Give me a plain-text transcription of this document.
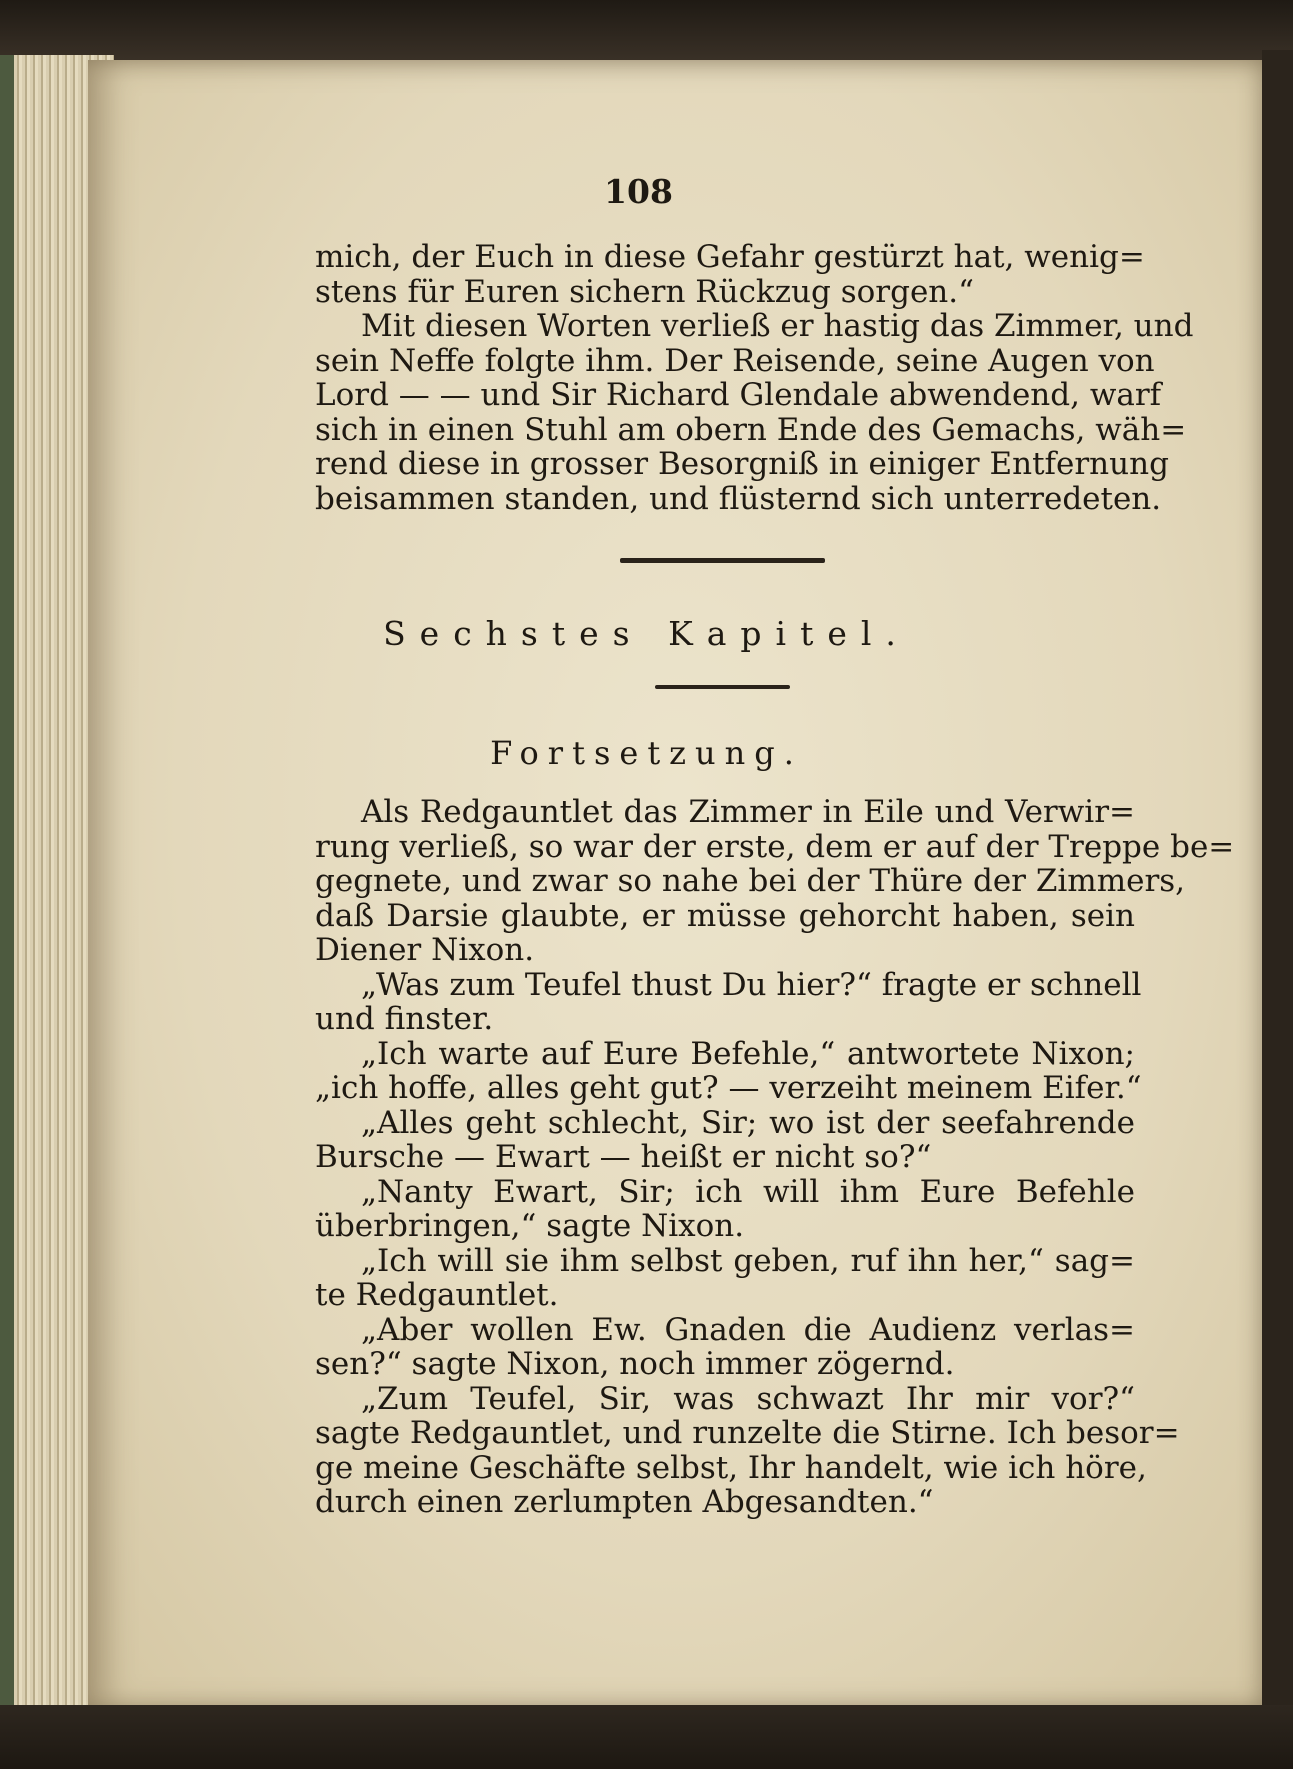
108
mich, der Euch in diese Gefahr gestürzt hat, wenig=
stens für Euren sichern Rückzug sorgen.“
Mit diesen Worten verließ er hastig das Zimmer, und
sein Neffe folgte ihm. Der Reisende, seine Augen von
Lord — — und Sir Richard Glendale abwendend, warf
sich in einen Stuhl am obern Ende des Gemachs, wäh=
rend diese in grosser Besorgniß in einiger Entfernung
beisammen standen, und flüsternd sich unterredeten.
Sechstes Kapitel.
Fortsetzung.
Als Redgauntlet das Zimmer in Eile und Verwir=
rung verließ, so war der erste, dem er auf der Treppe be=
gegnete, und zwar so nahe bei der Thüre der Zimmers,
daß Darsie glaubte, er müsse gehorcht haben, sein
Diener Nixon.
„Was zum Teufel thust Du hier?“ fragte er schnell
und finster.
„Ich warte auf Eure Befehle,“ antwortete Nixon;
„ich hoffe, alles geht gut? — verzeiht meinem Eifer.“
„Alles geht schlecht, Sir; wo ist der seefahrende
Bursche — Ewart — heißt er nicht so?“
„Nanty Ewart, Sir; ich will ihm Eure Befehle
überbringen,“ sagte Nixon.
„Ich will sie ihm selbst geben, ruf ihn her,“ sag=
te Redgauntlet.
„Aber wollen Ew. Gnaden die Audienz verlas=
sen?“ sagte Nixon, noch immer zögernd.
„Zum Teufel, Sir, was schwazt Ihr mir vor?“
sagte Redgauntlet, und runzelte die Stirne. Ich besor=
ge meine Geschäfte selbst, Ihr handelt, wie ich höre,
durch einen zerlumpten Abgesandten.“
